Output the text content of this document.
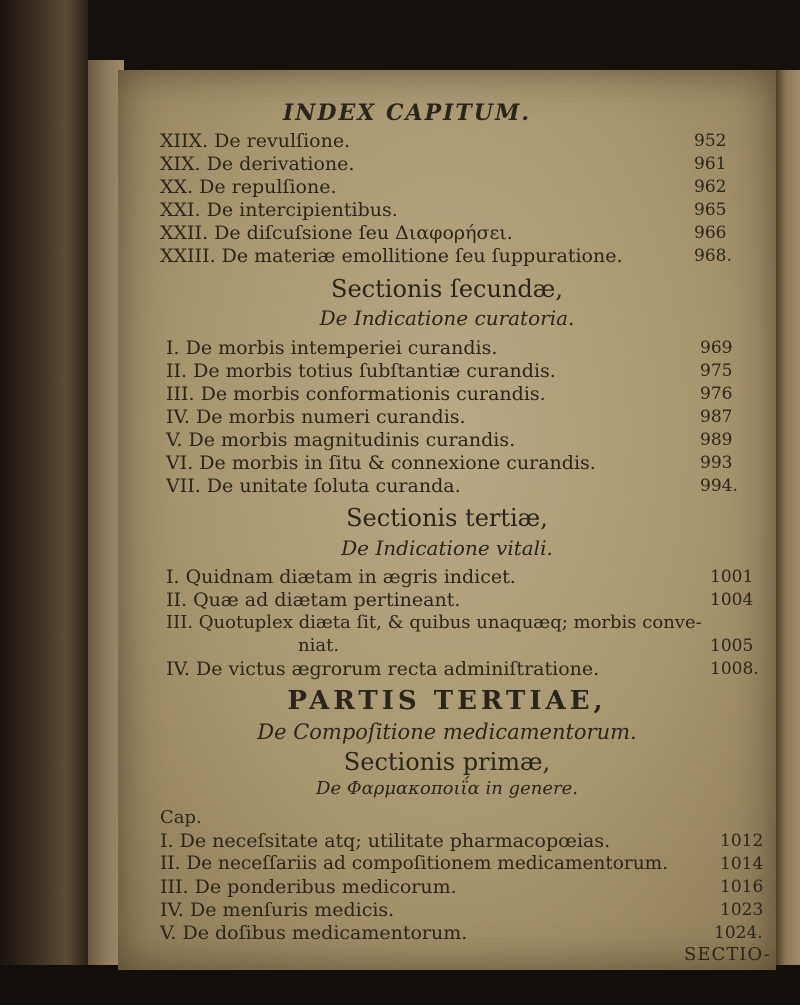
INDEX CAPITUM.
XIIX. De revulſione.	952
XIX. De derivatione.	961
XX. De repulſione.	962
XXI. De intercipientibus.	965
XXII. De diſcuſsione ſeu Διαφορήσει.	966
XXIII. De materiæ emollitione ſeu ſuppuratione.	968.
Sectionis ſecundæ,
De Indicatione curatoria.
I. De morbis intemperiei curandis.	969
II. De morbis totius ſubſtantiæ curandis.	975
III. De morbis conformationis curandis.	976
IV. De morbis numeri curandis.	987
V. De morbis magnitudinis curandis.	989
VI. De morbis in ſitu & connexione curandis.	993
VII. De unitate ſoluta curanda.	994.
Sectionis tertiæ,
De Indicatione vitali.
I. Quidnam diætam in ægris indicet.	1001
II. Quæ ad diætam pertineant.	1004
III. Quotuplex diæta ſit, & quibus unaquæq; morbis conve-
niat.	1005
IV. De victus ægrorum recta adminiſtratione.	1008.
PARTIS TERTIAE,
De Compoſitione medicamentorum.
Sectionis primæ,
De Φαρμακοποιΐα in genere.
Cap.
I. De neceſsitate atq; utilitate pharmacopœias.	1012
II. De neceſſariis ad compoſitionem medicamentorum.	1014
III. De ponderibus medicorum.	1016
IV. De menſuris medicis.	1023
V. De doſibus medicamentorum.	1024.
SECTIO-
